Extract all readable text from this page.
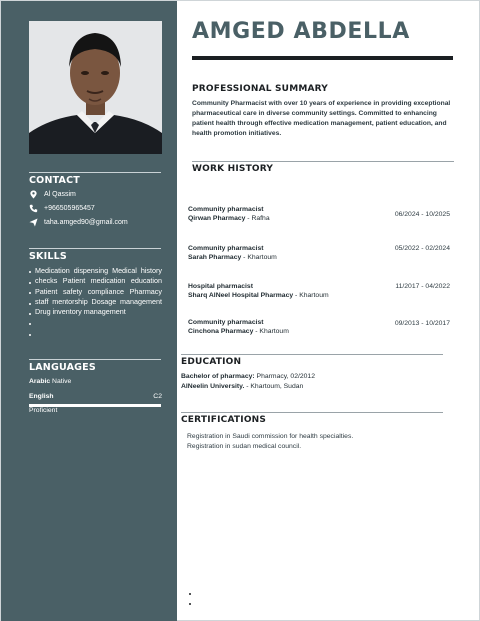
CONTACT
Al Qassim
+966505965457
taha.amged90@gmail.com
SKILLS
Medication dispensing Medical history checks Patient medication education Patient safety compliance Pharmacy staff mentorship Dosage management Drug inventory management
LANGUAGES
Arabic Native
English	C2
Proficient
AMGED ABDELLA
PROFESSIONAL SUMMARY
Community Pharmacist with over 10 years of experience in providing exceptional pharmaceutical care in diverse community settings. Committed to enhancing patient health through effective medication management, patient education, and health promotion initiatives.
WORK HISTORY
Community pharmacist
Qirwan Pharmacy - Rafha
06/2024 - 10/2025
Community pharmacist
Sarah Pharmacy - Khartoum
05/2022 - 02/2024
Hospital pharmacist
Sharq AlNeel Hospital Pharmacy - Khartoum
11/2017 - 04/2022
Community pharmacist
Cinchona Pharmacy - Khartoum
09/2013 - 10/2017
EDUCATION
Bachelor of pharmacy: Pharmacy, 02/2012
AlNeelin University. - Khartoum, Sudan
CERTIFICATIONS
Registration in Saudi commission for health specialties.
Registration in sudan medical council.
